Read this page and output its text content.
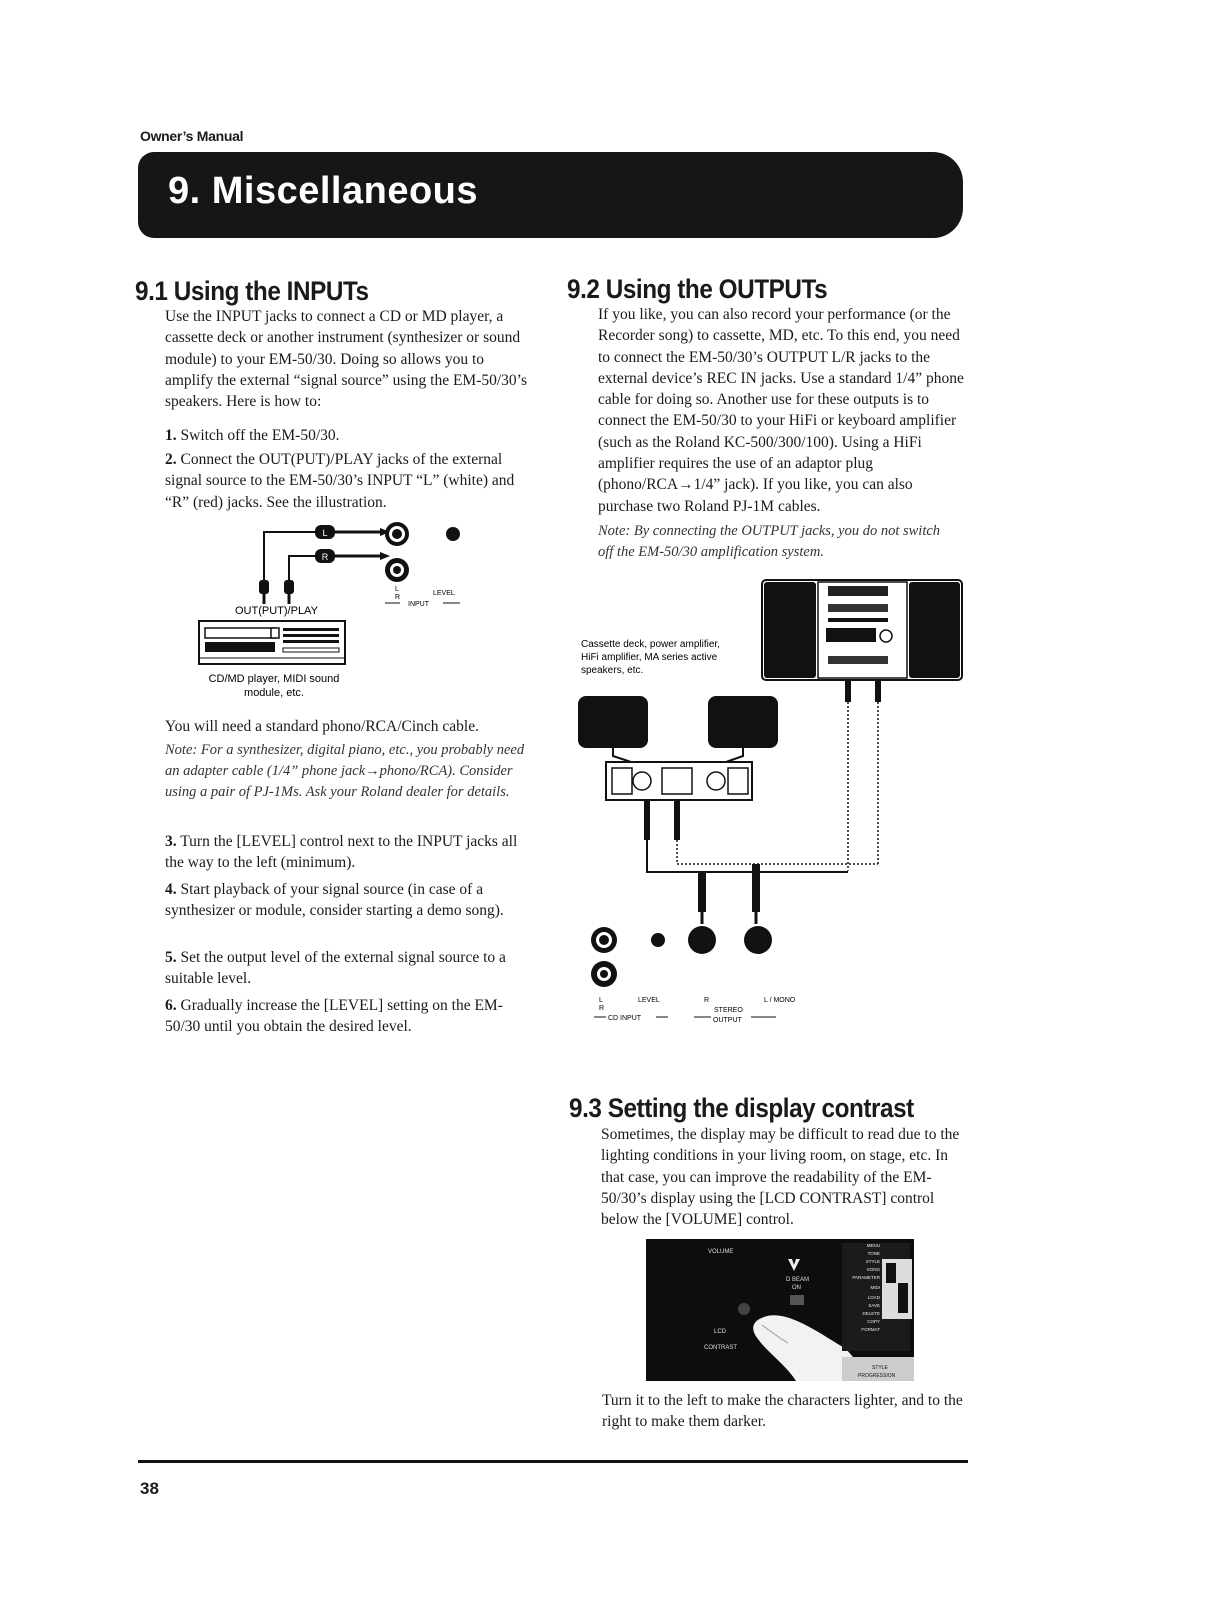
Owner’s Manual
9. Miscellaneous
9.1 Using the INPUTs
Use the INPUT jacks to connect a CD or MD player, a cassette deck or another instrument (synthesizer or sound module) to your EM-50/30. Doing so allows you to amplify the external “signal source” using the EM-50/30’s speakers. Here is how to:
1. Switch off the EM-50/30.
2. Connect the OUT(PUT)/PLAY jacks of the external signal source to the EM-50/30’s INPUT “L” (white) and “R” (red) jacks. See the illustration.
L
R
L
R
LEVEL
INPUT
OUT(PUT)/PLAY
CD/MD player, MIDI sound
module, etc.
You will need a standard phono/RCA/Cinch cable.
Note: For a synthesizer, digital piano, etc., you probably need an adapter cable (1/4” phone jack→phono/RCA). Consider using a pair of PJ-1Ms. Ask your Roland dealer for details.
3. Turn the [LEVEL] control next to the INPUT jacks all the way to the left (minimum).
4. Start playback of your signal source (in case of a synthesizer or module, consider starting a demo song).
5. Set the output level of the external signal source to a suitable level.
6. Gradually increase the [LEVEL] setting on the EM-50/30 until you obtain the desired level.
9.2 Using the OUTPUTs
If you like, you can also record your performance (or the Recorder song) to cassette, MD, etc. To this end, you need to connect the EM-50/30’s OUTPUT L/R jacks to the external device’s REC IN jacks. Use a standard 1/4” phone cable for doing so. Another use for these outputs is to connect the EM-50/30 to your HiFi or keyboard amplifier (such as the Roland KC-500/300/100). Using a HiFi amplifier requires the use of an adaptor plug (phono/RCA→1/4” jack). If you like, you can also purchase two Roland PJ-1M cables.
Note: By connecting the OUTPUT jacks, you do not switch off the EM-50/30 amplification system.
Cassette deck, power amplifier,
HiFi amplifier, MA series active
speakers, etc.
L
R
LEVEL
CD INPUT
R	L / MONO
STEREO
OUTPUT
9.3 Setting the display contrast
Sometimes, the display may be difficult to read due to the lighting conditions in your living room, on stage, etc. In that case, you can improve the readability of the EM-50/30’s display using the [LCD CONTRAST] control below the [VOLUME] control.
VOLUME
D BEAM
ON
LCD
CONTRAST
STYLE
PROGRESSION
MENU
TONE
STYLE
SONG
PARAMETER
MIDI
LOAD
SAVE
DELETE
COPY
FORMAT
Turn it to the left to make the characters lighter, and to the right to make them darker.
38
